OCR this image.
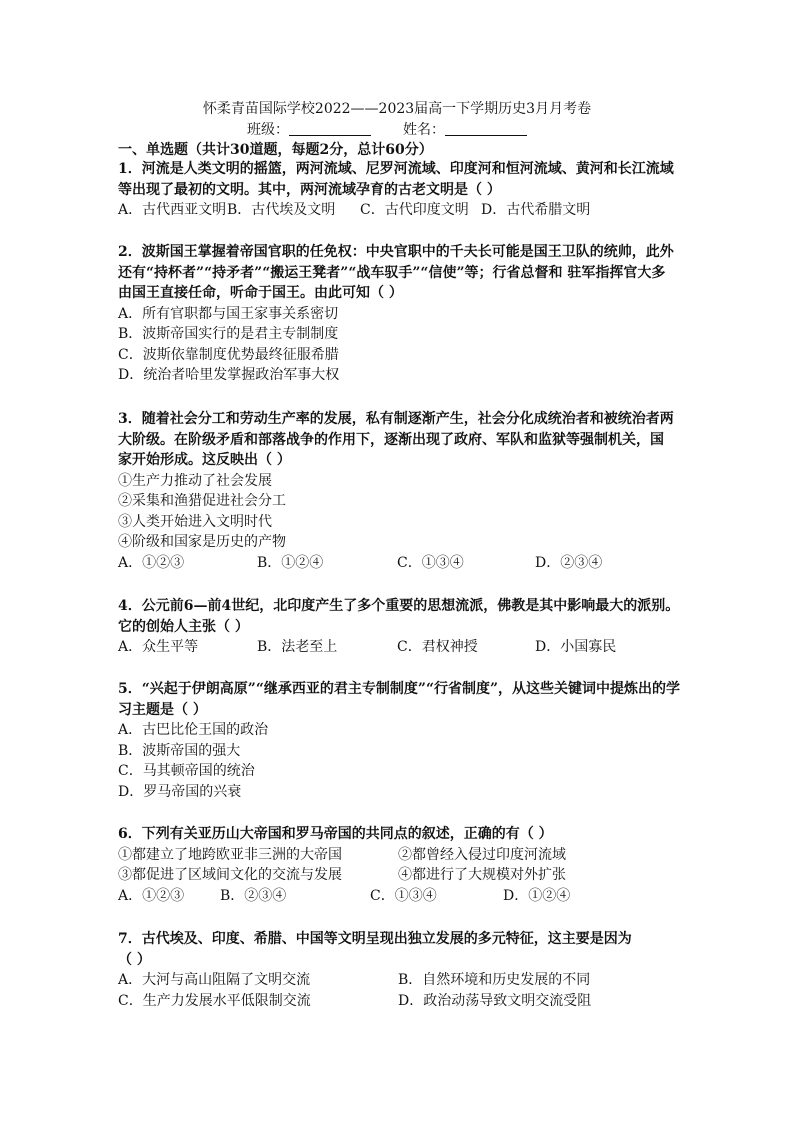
怀柔青苗国际学校2022——2023届高一下学期历史3月月考卷
班级：	姓名：
一、单选题（共计30道题，每题2分，总计60分）
1．河流是人类文明的摇篮，两河流域、尼罗河流域、印度河和恒河流域、黄河和长江流域
等出现了最初的文明。其中，两河流域孕育的古老文明是（ ）
A．古代西亚文明 B．古代埃及文明	C．古代印度文明 D．古代希腊文明
2．波斯国王掌握着帝国官职的任免权：中央官职中的千夫长可能是国王卫队的统帅，此外
还有“持杯者”“持矛者”“搬运王凳者”“战车驭手”“信使”等；行省总督和 驻军指挥官大多
由国王直接任命，听命于国王。由此可知（ ）
A．所有官职都与国王家事关系密切
B．波斯帝国实行的是君主专制制度
C．波斯依靠制度优势最终征服希腊
D．统治者哈里发掌握政治军事大权
3．随着社会分工和劳动生产率的发展，私有制逐渐产生，社会分化成统治者和被统治者两
大阶级。在阶级矛盾和部落战争的作用下，逐渐出现了政府、军队和监狱等强制机关，国
家开始形成。这反映出（ ）
①生产力推动了社会发展
②采集和渔猎促进社会分工
③人类开始进入文明时代
④阶级和国家是历史的产物
A．①②③	B．①②④	C．①③④	D．②③④
4．公元前6—前4世纪，北印度产生了多个重要的思想流派，佛教是其中影响最大的派别。
它的创始人主张（ ）
A．众生平等	B．法老至上	C．君权神授	D．小国寡民
5．“兴起于伊朗高原”“继承西亚的君主专制制度”“行省制度”，从这些关键词中提炼出的学
习主题是（ ）
A．古巴比伦王国的政治
B．波斯帝国的强大
C．马其顿帝国的统治
D．罗马帝国的兴衰
6．下列有关亚历山大帝国和罗马帝国的共同点的叙述，正确的有（ ）
①都建立了地跨欧亚非三洲的大帝国	②都曾经入侵过印度河流域
③都促进了区域间文化的交流与发展	④都进行了大规模对外扩张
A．①②③	B．②③④	C．①③④	D．①②④
7．古代埃及、印度、希腊、中国等文明呈现出独立发展的多元特征，这主要是因为
（ ）
A．大河与高山阻隔了文明交流	B．自然环境和历史发展的不同
C．生产力发展水平低限制交流	D．政治动荡导致文明交流受阻
